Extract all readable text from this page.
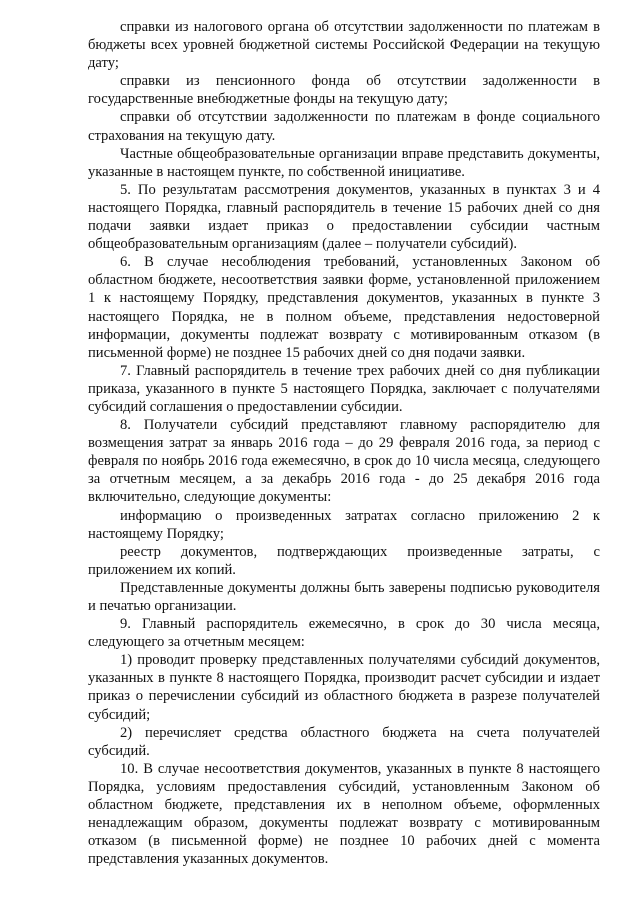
справки из налогового органа об отсутствии задолженности по платежам в бюджеты всех уровней бюджетной системы Российской Федерации на текущую дату;

справки из пенсионного фонда об отсутствии задолженности в государственные внебюджетные фонды на текущую дату;

справки об отсутствии задолженности по платежам в фонде социального страхования на текущую дату.

Частные общеобразовательные организации вправе представить документы, указанные в настоящем пункте, по собственной инициативе.

5. По результатам рассмотрения документов, указанных в пунктах 3 и 4 настоящего Порядка, главный распорядитель в течение 15 рабочих дней со дня подачи заявки издает приказ о предоставлении субсидии частным общеобразовательным организациям (далее – получатели субсидий).

6. В случае несоблюдения требований, установленных Законом об областном бюджете, несоответствия заявки форме, установленной приложением 1 к настоящему Порядку, представления документов, указанных в пункте 3 настоящего Порядка, не в полном объеме, представления недостоверной информации, документы подлежат возврату с мотивированным отказом (в письменной форме) не позднее 15 рабочих дней со дня подачи заявки.

7. Главный распорядитель в течение трех рабочих дней со дня публикации приказа, указанного в пункте 5 настоящего Порядка, заключает с получателями субсидий соглашения о предоставлении субсидии.

8. Получатели субсидий представляют главному распорядителю для возмещения затрат за январь 2016 года – до 29 февраля 2016 года, за период с февраля по ноябрь 2016 года ежемесячно, в срок до 10 числа месяца, следующего за отчетным месяцем, а за декабрь 2016 года - до 25 декабря 2016 года включительно, следующие документы:

информацию о произведенных затратах согласно приложению 2 к настоящему Порядку;

реестр документов, подтверждающих произведенные затраты, с приложением их копий.

Представленные документы должны быть заверены подписью руководителя и печатью организации.

9. Главный распорядитель ежемесячно, в срок до 30 числа месяца, следующего за отчетным месяцем:

1) проводит проверку представленных получателями субсидий документов, указанных в пункте 8 настоящего Порядка, производит расчет субсидии и издает приказ о перечислении субсидий из областного бюджета в разрезе получателей субсидий;

2) перечисляет средства областного бюджета на счета получателей субсидий.

10. В случае несоответствия документов, указанных в пункте 8 настоящего Порядка, условиям предоставления субсидий, установленным Законом об областном бюджете, представления их в неполном объеме, оформленных ненадлежащим образом, документы подлежат возврату с мотивированным отказом (в письменной форме) не позднее 10 рабочих дней с момента представления указанных документов.
